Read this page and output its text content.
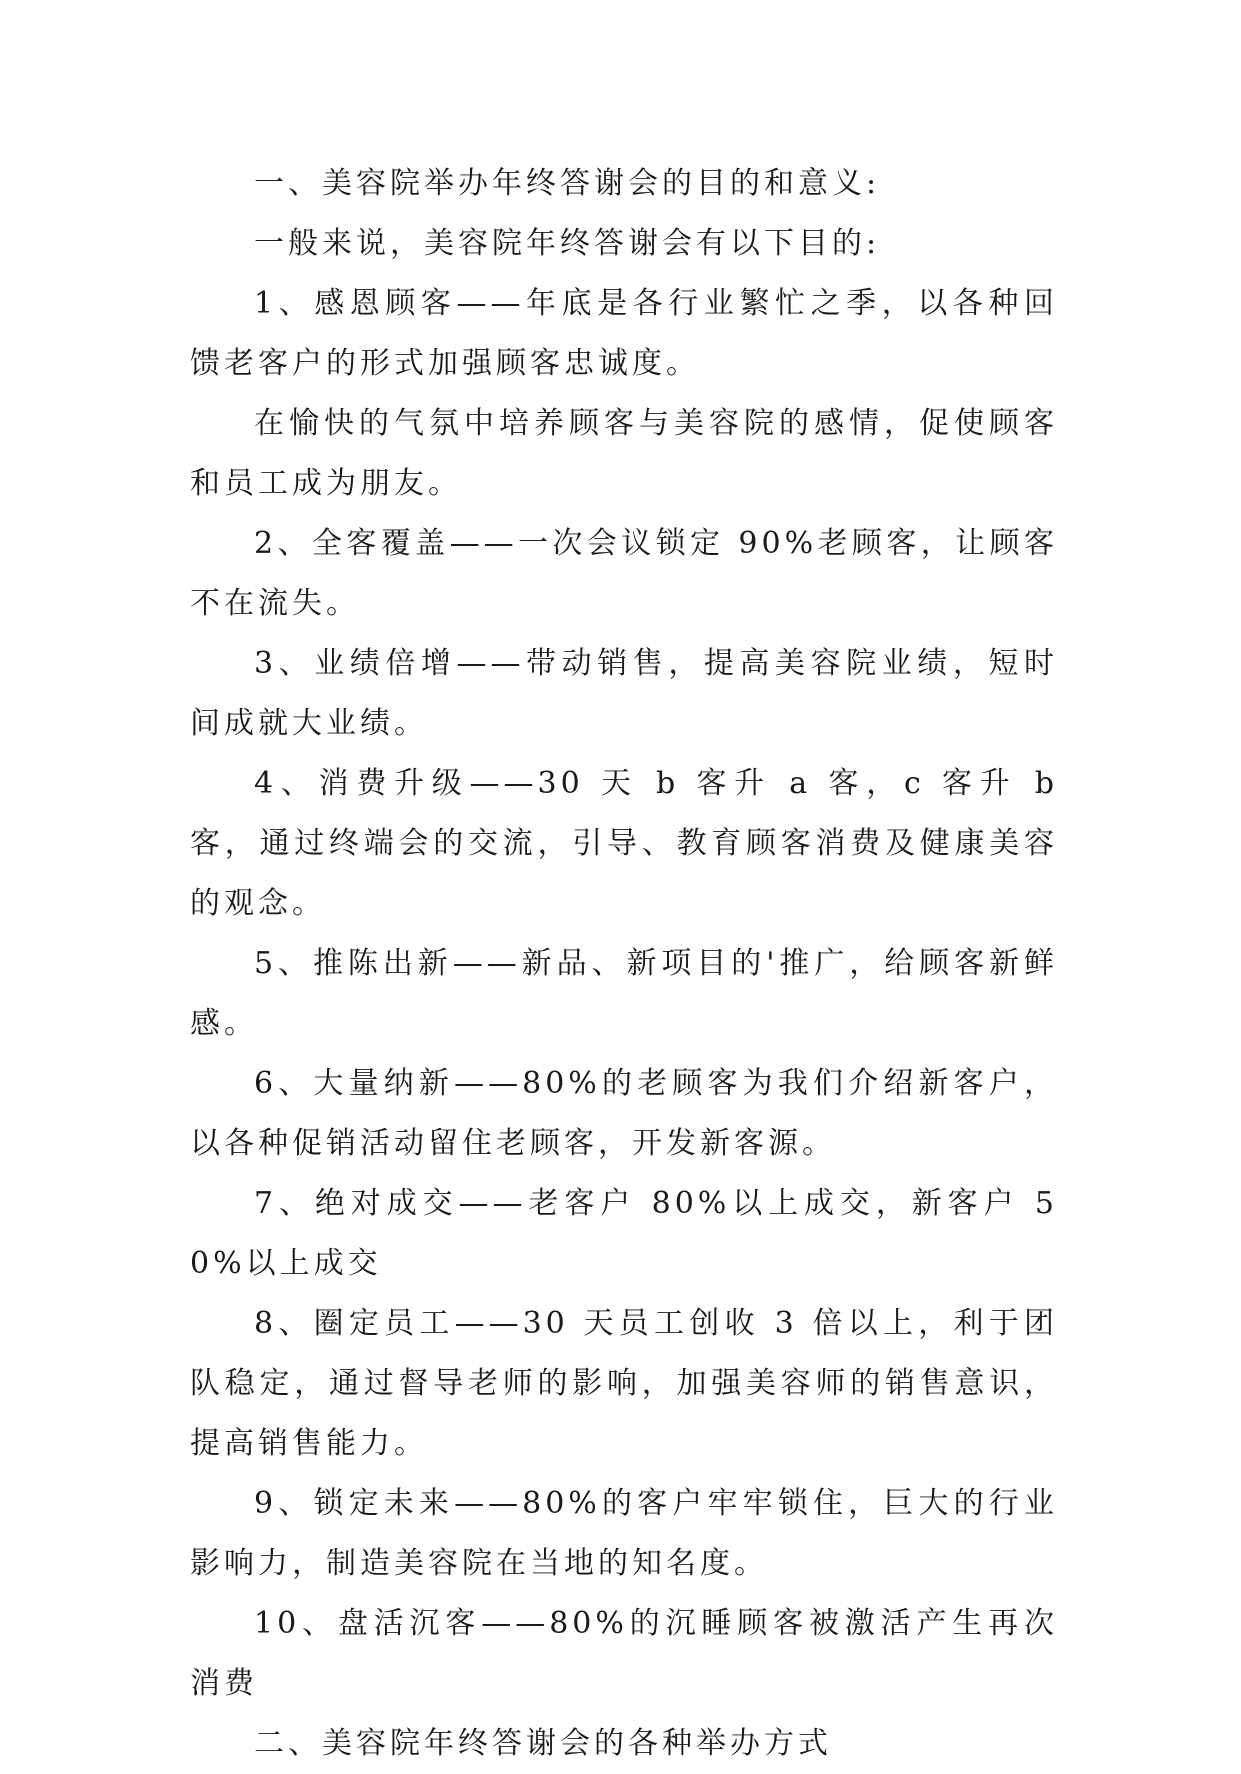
一、美容院举办年终答谢会的目的和意义:

一般来说，美容院年终答谢会有以下目的:

1、感恩顾客——年底是各行业繁忙之季，以各种回馈老客户的形式加强顾客忠诚度。

在愉快的气氛中培养顾客与美容院的感情，促使顾客和员工成为朋友。

2、全客覆盖——一次会议锁定 90%老顾客，让顾客不在流失。

3、业绩倍增——带动销售，提高美容院业绩，短时间成就大业绩。

4、消费升级——30 天 b 客升 a 客，c 客升 b 客，通过终端会的交流，引导、教育顾客消费及健康美容的观念。

5、推陈出新——新品、新项目的'推广，给顾客新鲜感。

6、大量纳新——80%的老顾客为我们介绍新客户，以各种促销活动留住老顾客，开发新客源。

7、绝对成交——老客户 80%以上成交，新客户 50%以上成交

8、圈定员工——30 天员工创收 3 倍以上，利于团队稳定，通过督导老师的影响，加强美容师的销售意识，提高销售能力。

9、锁定未来——80%的客户牢牢锁住，巨大的行业影响力，制造美容院在当地的知名度。

10、盘活沉客——80%的沉睡顾客被激活产生再次消费

二、美容院年终答谢会的各种举办方式
